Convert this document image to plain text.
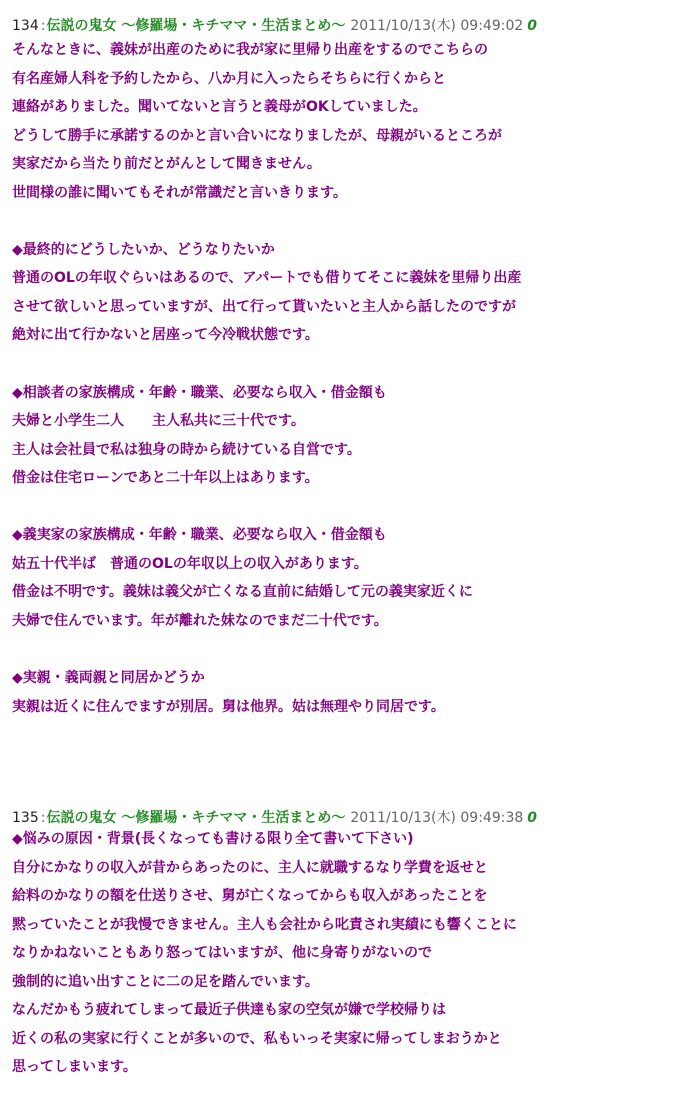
134 :伝説の鬼女 〜修羅場・キチママ・生活まとめ〜 2011/10/13(木) 09:49:02 0
そんなときに、義妹が出産のために我が家に里帰り出産をするのでこちらの
有名産婦人科を予約したから、八か月に入ったらそちらに行くからと
連絡がありました。聞いてないと言うと義母がOKしていました。
どうして勝手に承諾するのかと言い合いになりましたが、母親がいるところが
実家だから当たり前だとがんとして聞きません。
世間様の誰に聞いてもそれが常識だと言いきります。
◆最終的にどうしたいか、どうなりたいか
普通のOLの年収ぐらいはあるので、アパートでも借りてそこに義妹を里帰り出産
させて欲しいと思っていますが、出て行って貰いたいと主人から話したのですが
絶対に出て行かないと居座って今冷戦状態です。
◆相談者の家族構成・年齢・職業、必要なら収入・借金額も
夫婦と小学生二人　　主人私共に三十代です。
主人は会社員で私は独身の時から続けている自営です。
借金は住宅ローンであと二十年以上はあります。
◆義実家の家族構成・年齢・職業、必要なら収入・借金額も
姑五十代半ば　普通のOLの年収以上の収入があります。
借金は不明です。義妹は義父が亡くなる直前に結婚して元の義実家近くに
夫婦で住んでいます。年が離れた妹なのでまだ二十代です。
◆実親・義両親と同居かどうか
実親は近くに住んでますが別居。舅は他界。姑は無理やり同居です。
135 :伝説の鬼女 〜修羅場・キチママ・生活まとめ〜 2011/10/13(木) 09:49:38 0
◆悩みの原因・背景(長くなっても書ける限り全て書いて下さい)
自分にかなりの収入が昔からあったのに、主人に就職するなり学費を返せと
給料のかなりの額を仕送りさせ、舅が亡くなってからも収入があったことを
黙っていたことが我慢できません。主人も会社から叱責され実績にも響くことに
なりかねないこともあり怒ってはいますが、他に身寄りがないので
強制的に追い出すことに二の足を踏んでいます。
なんだかもう疲れてしまって最近子供達も家の空気が嫌で学校帰りは
近くの私の実家に行くことが多いので、私もいっそ実家に帰ってしまおうかと
思ってしまいます。
